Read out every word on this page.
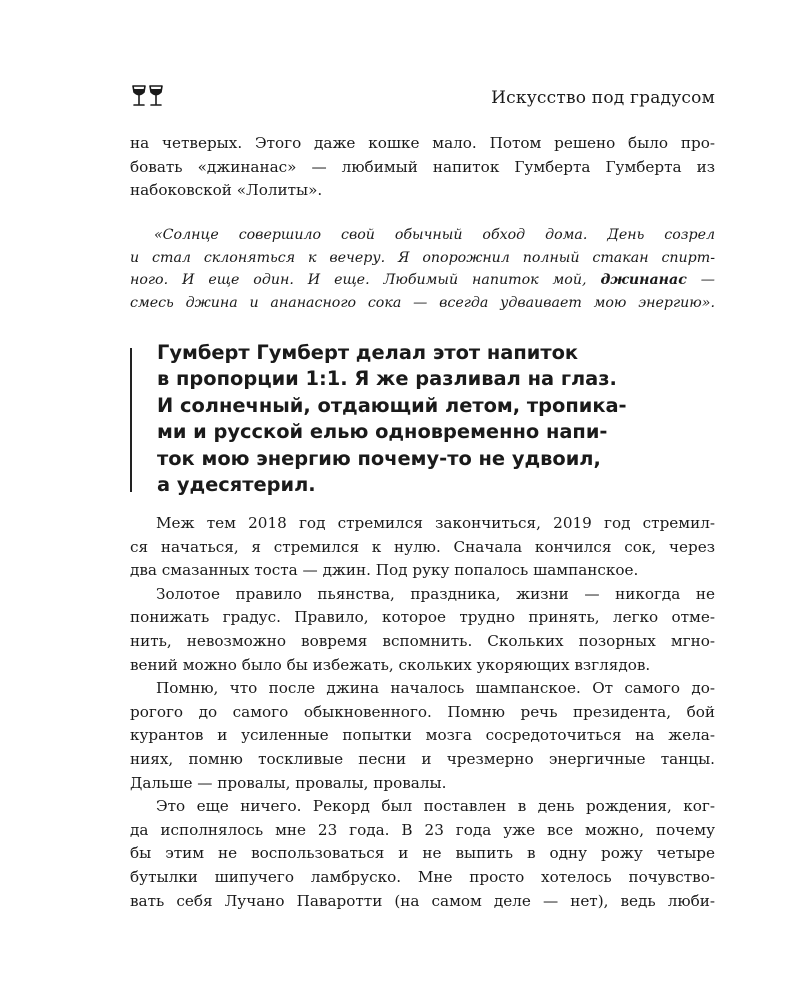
Искусство под градусом
на четверых. Этого даже кошке мало. Потом решено было про-
бовать «джинанас» — любимый напиток Гумберта Гумберта из
набоковской «Лолиты».
«Солнце совершило свой обычный обход дома. День созрел
и стал склоняться к вечеру. Я опорожнил полный стакан спирт-
ного. И еще один. И еще. Любимый напиток мой, джинанас —
смесь джина и ананасного сока — всегда удваивает мою энергию».
Гумберт Гумберт делал этот напиток
в пропорции 1:1. Я же разливал на глаз.
И солнечный, отдающий летом, тропика-
ми и русской елью одновременно напи-
ток мою энергию почему-то не удвоил,
а удесятерил.
Меж тем 2018 год стремился закончиться, 2019 год стремил-
ся начаться, я стремился к нулю. Сначала кончился сок, через
два смазанных тоста — джин. Под руку попалось шампанское.
Золотое правило пьянства, праздника, жизни — никогда не
понижать градус. Правило, которое трудно принять, легко отме-
нить, невозможно вовремя вспомнить. Скольких позорных мгно-
вений можно было бы избежать, скольких укоряющих взглядов.
Помню, что после джина началось шампанское. От самого до-
рогого до самого обыкновенного. Помню речь президента, бой
курантов и усиленные попытки мозга сосредоточиться на жела-
ниях, помню тоскливые песни и чрезмерно энергичные танцы.
Дальше — провалы, провалы, провалы.
Это еще ничего. Рекорд был поставлен в день рождения, ког-
да исполнялось мне 23 года. В 23 года уже все можно, почему
бы этим не воспользоваться и не выпить в одну рожу четыре
бутылки шипучего ламбруско. Мне просто хотелось почувство-
вать себя Лучано Паваротти (на самом деле — нет), ведь люби-
